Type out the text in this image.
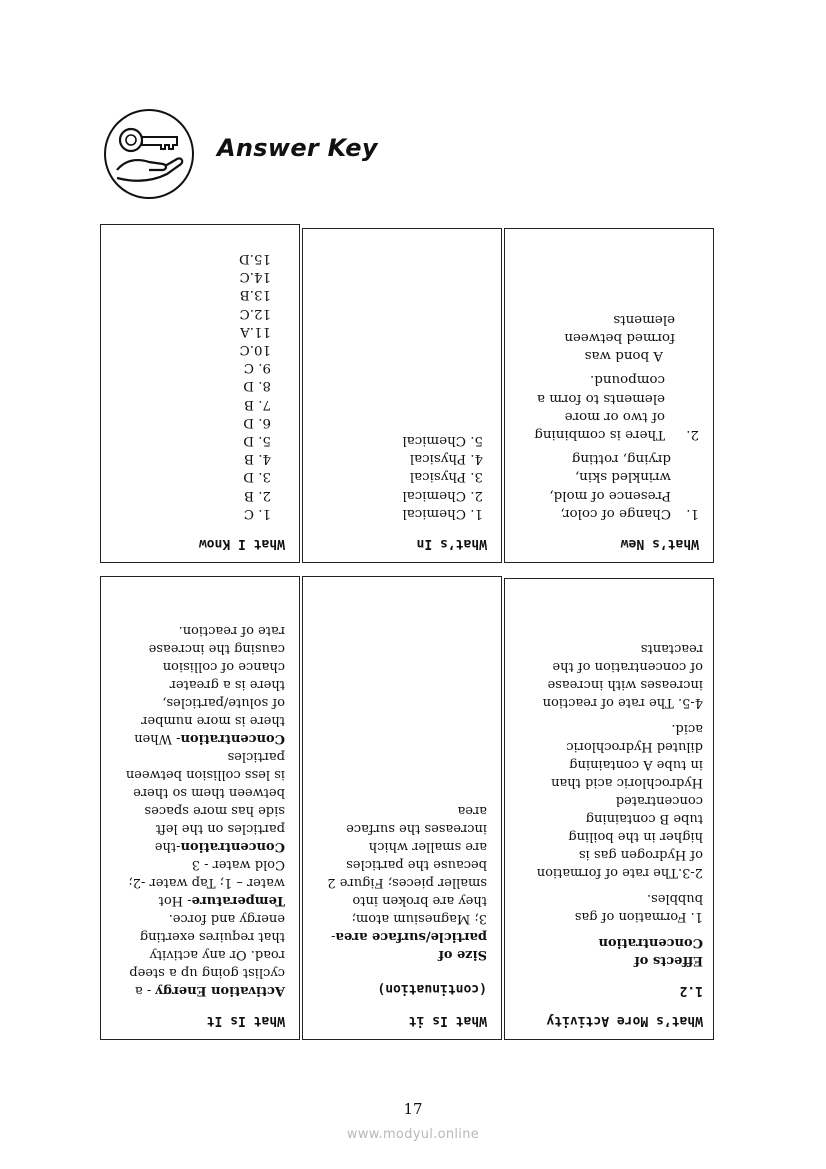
Answer Key
What I Know
1. C
2. B
3. D
4. B
5. D
6. D
7. B
8. D
9. C
10.C
11.A
12.C
13.B
14.C
15.D
What’s In
1. Chemical
2. Chemical
3. Physical
4. Physical
5. Chemical
What’s New
1.
Change of color,
Presence of mold,
wrinkled skin,
drying, rotting
2.
There is combining
of two or more
elements to form a
compound.
A bond was
formed between
elements
What Is It
Activation Energy - a
cyclist going up a steep
road. Or any activity
that requires exerting
energy and force.
Temperature- Hot
water – 1; Tap water -2;
Cold water - 3
Concentration-the
particles on the left
side has more spaces
between them so there
is less collision between
particles
Concentration- When
there is more number
of solute/particles,
there is a greater
chance of collision
causing the increase
rate of reaction.
What Is it
(continuation)
Size of
particle/surface area-
3; Magnesium atom;
they are broken into
smaller pieces; Figure 2
because the particles
are smaller which
increases the surface
area
What’s More Activity
1.2
Effects of
Concentration
1. Formation of gas
bubbles.
2-3.The rate of formation
of Hydrogen gas is
higher in the boiling
tube B containing
concentrated
Hydrochloric acid than
in tube A containing
diluted Hydrochloric
acid.
4-5. The rate of reaction
increases with increase
of concentration of the
reactants
17
www.modyul.online
